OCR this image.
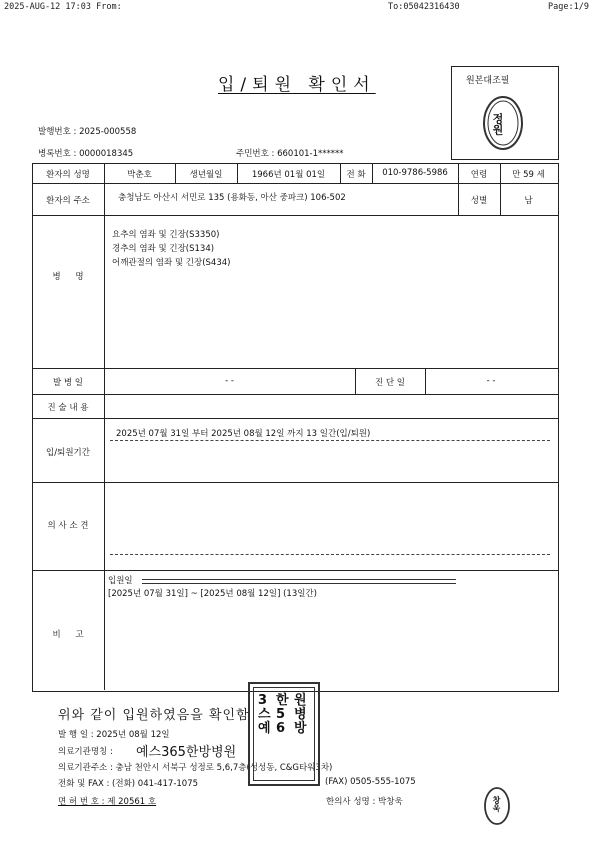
2025-AUG-12 17:03 From:	To:05042316430	Page:1/9
입/퇴원 확인서	원본대조필
정원
발행번호 : 2025-000558
병록번호 : 0000018345	주민번호 : 660101-1******
환자의 성명	박춘호	생년월일	1966년 01월 01일	전 화	010-9786-5986	연령	만 59 세
환자의 주소	충청남도 아산시 서민로 135 (용화동, 아산 중파크) 106-502	성별	남
병 명
요추의 염좌 및 긴장(S3350)
경추의 염좌 및 긴장(S134)
어깨관절의 염좌 및 긴장(S434)
발 병 일	- -	진 단 일	- -
진 술 내 용
입/퇴원기간
2025년 07월 31일 부터 2025년 08월 12일 까지 13 일간(입/퇴원)
의 사 소 견
비 고
입원일
[2025년 07월 31일] ~ [2025년 08월 12일] (13일간)
위와 같이 입원하였음을 확인함
발 행 일 : 2025년 08월 12일
의료기관명칭 : 예스365한방병원
의료기관주소 : 충남 천안시 서북구 성정로 5,6,7층(성성동, C&G타워3차)
전화 및 FAX : (전화) 041-417-1075	(FAX) 0505-555-1075
면 허 번 호 : 제 20561 호	한의사 성명 : 박창욱
원
병
방
한
5
6
3
스
예
창욱
